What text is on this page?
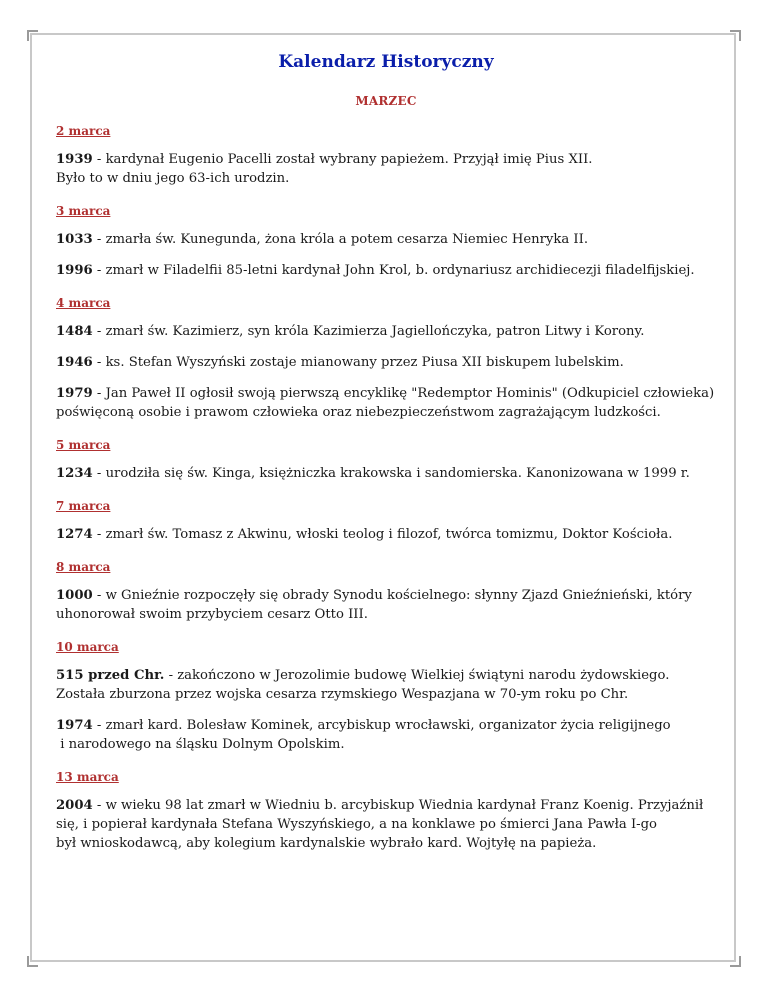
Kalendarz Historyczny
MARZEC
2 marca
1939 - kardynał Eugenio Pacelli został wybrany papieżem. Przyjął imię Pius XII.
Było to w dniu jego 63-ich urodzin.
3 marca
1033 - zmarła św. Kunegunda, żona króla a potem cesarza Niemiec Henryka II.
1996 - zmarł w Filadelfii 85-letni kardynał John Krol, b. ordynariusz archidiecezji filadelfijskiej.
4 marca
1484 - zmarł św. Kazimierz, syn króla Kazimierza Jagiellończyka, patron Litwy i Korony.
1946 - ks. Stefan Wyszyński zostaje mianowany przez Piusa XII biskupem lubelskim.
1979 - Jan Paweł II ogłosił swoją pierwszą encyklikę "Redemptor Hominis" (Odkupiciel człowieka)
poświęconą osobie i prawom człowieka oraz niebezpieczeństwom zagrażającym ludzkości.
5 marca
1234 - urodziła się św. Kinga, księżniczka krakowska i sandomierska. Kanonizowana w 1999 r.
7 marca
1274 - zmarł św. Tomasz z Akwinu, włoski teolog i filozof, twórca tomizmu, Doktor Kościoła.
8 marca
1000 - w Gnieźnie rozpoczęły się obrady Synodu kościelnego: słynny Zjazd Gnieźnieński, który
uhonorował swoim przybyciem cesarz Otto III.
10 marca
515 przed Chr. - zakończono w Jerozolimie budowę Wielkiej świątyni narodu żydowskiego.
Została zburzona przez wojska cesarza rzymskiego Wespazjana w 70-ym roku po Chr.
1974 - zmarł kard. Bolesław Kominek, arcybiskup wrocławski, organizator życia religijnego
i narodowego na śląsku Dolnym Opolskim.
13 marca
2004 - w wieku 98 lat zmarł w Wiedniu b. arcybiskup Wiednia kardynał Franz Koenig. Przyjaźnił
się, i popierał kardynała Stefana Wyszyńskiego, a na konklawe po śmierci Jana Pawła I-go
był wnioskodawcą, aby kolegium kardynalskie wybrało kard. Wojtyłę na papieża.
